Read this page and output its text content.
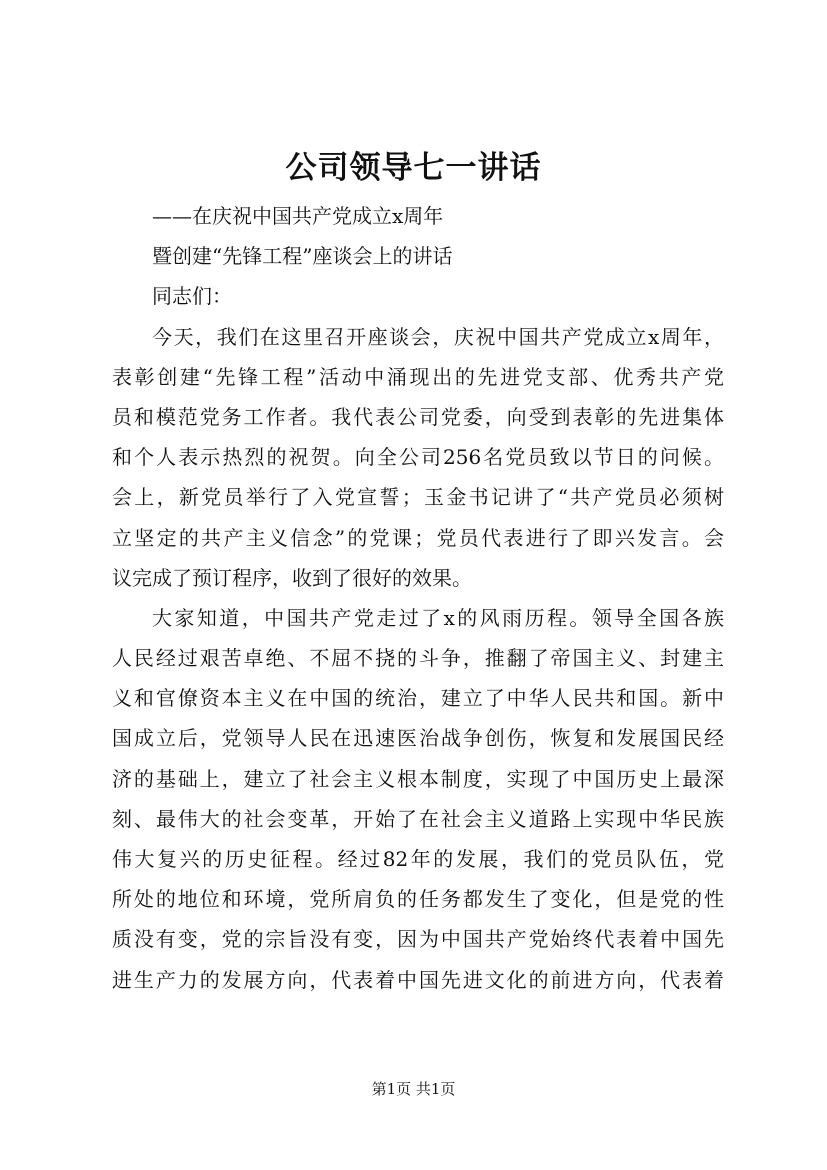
公司领导七一讲话

——在庆祝中国共产党成立x周年

暨创建“先锋工程”座谈会上的讲话

同志们：

今天，我们在这里召开座谈会，庆祝中国共产党成立x周年，

表彰创建“先锋工程”活动中涌现出的先进党支部、优秀共产党

员和模范党务工作者。我代表公司党委，向受到表彰的先进集体

和个人表示热烈的祝贺。向全公司256名党员致以节日的问候。

会上，新党员举行了入党宣誓；玉金书记讲了“共产党员必须树

立坚定的共产主义信念”的党课；党员代表进行了即兴发言。会

议完成了预订程序，收到了很好的效果。

大家知道，中国共产党走过了x的风雨历程。领导全国各族

人民经过艰苦卓绝、不屈不挠的斗争，推翻了帝国主义、封建主

义和官僚资本主义在中国的统治，建立了中华人民共和国。新中

国成立后，党领导人民在迅速医治战争创伤，恢复和发展国民经

济的基础上，建立了社会主义根本制度，实现了中国历史上最深

刻、最伟大的社会变革，开始了在社会主义道路上实现中华民族

伟大复兴的历史征程。经过82年的发展，我们的党员队伍，党

所处的地位和环境，党所肩负的任务都发生了变化，但是党的性

质没有变，党的宗旨没有变，因为中国共产党始终代表着中国先

进生产力的发展方向，代表着中国先进文化的前进方向，代表着

第1页 共1页
